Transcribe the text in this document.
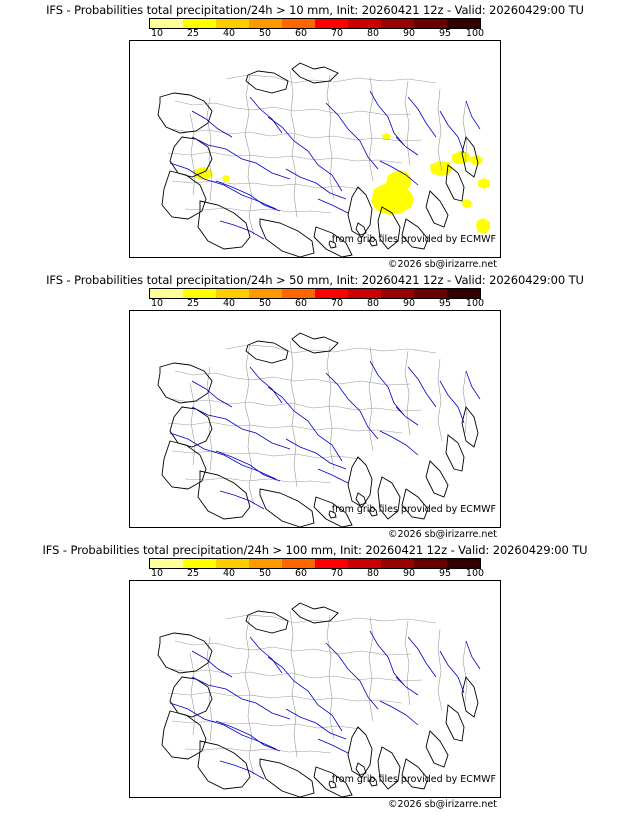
IFS - Probabilities total precipitation/24h > 10 mm, Init: 20260421 12z - Valid: 20260429:00 TU
10	25	40	50	60	70	80	90	95 100
from grib files provided by ECMWF
©2026 sb@irizarre.net
IFS - Probabilities total precipitation/24h > 50 mm, Init: 20260421 12z - Valid: 20260429:00 TU
10	25	40	50	60	70	80	90	95 100
from grib files provided by ECMWF
©2026 sb@irizarre.net
IFS - Probabilities total precipitation/24h > 100 mm, Init: 20260421 12z - Valid: 20260429:00 TU
10	25	40	50	60	70	80	90	95 100
from grib files provided by ECMWF
©2026 sb@irizarre.net
